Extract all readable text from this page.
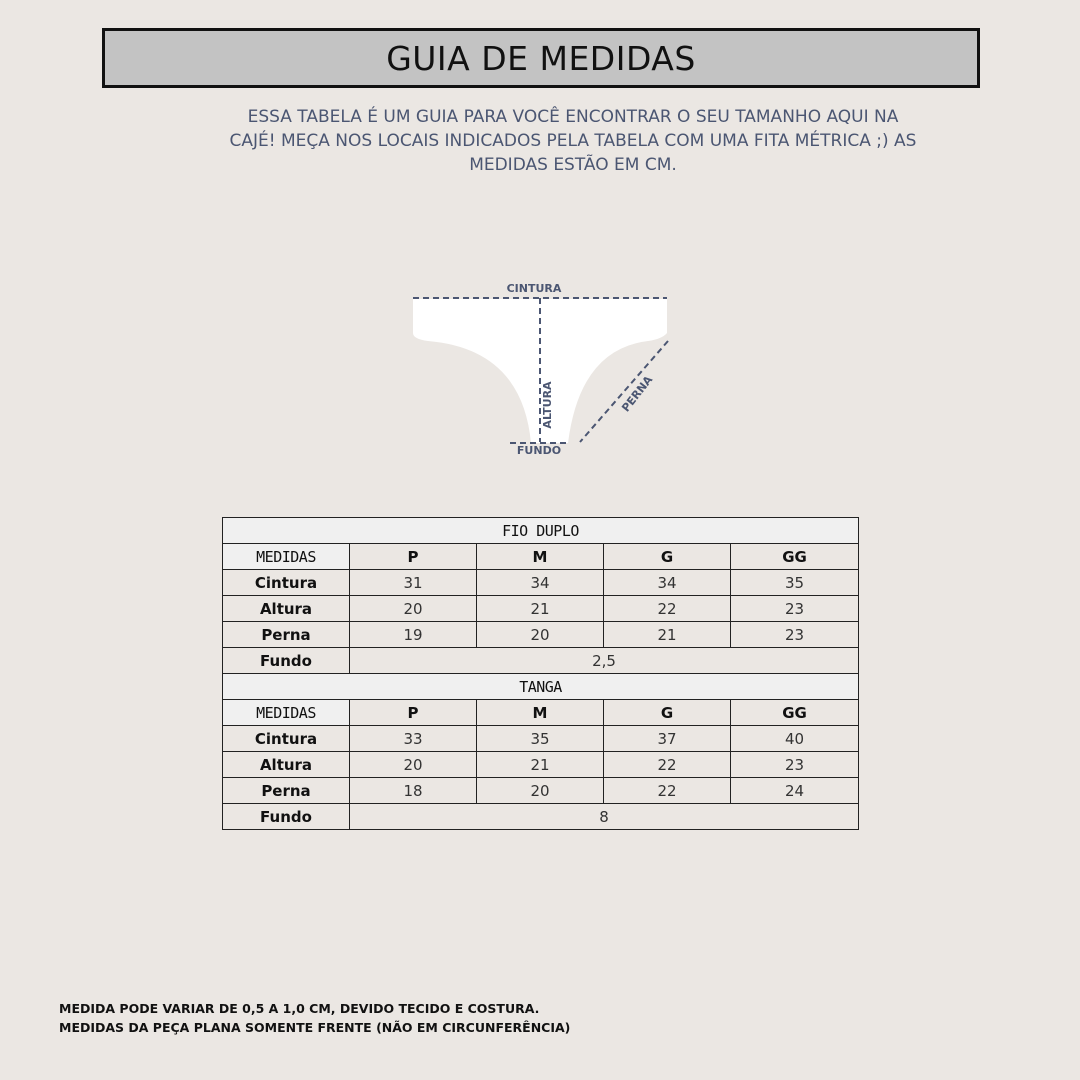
GUIA DE MEDIDAS
ESSA TABELA É UM GUIA PARA VOCÊ ENCONTRAR O SEU TAMANHO AQUI NA
CAJÉ! MEÇA NOS LOCAIS INDICADOS PELA TABELA COM UMA FITA MÉTRICA ;) AS
MEDIDAS ESTÃO EM CM.
CINTURA
FUNDO
ALTURA	PERNA
FIO DUPLO				
MEDIDAS	P	M	G	GG
Cintura	31	34	34	35
Altura	20	21	22	23
Perna	19	20	21	23
Fundo	2,5			
TANGA				
MEDIDAS	P	M	G	GG
Cintura	33	35	37	40
Altura	20	21	22	23
Perna	18	20	22	24
Fundo	8			
MEDIDA PODE VARIAR DE 0,5 A 1,0 CM, DEVIDO TECIDO E COSTURA.
MEDIDAS DA PEÇA PLANA SOMENTE FRENTE (NÃO EM CIRCUNFERÊNCIA)
